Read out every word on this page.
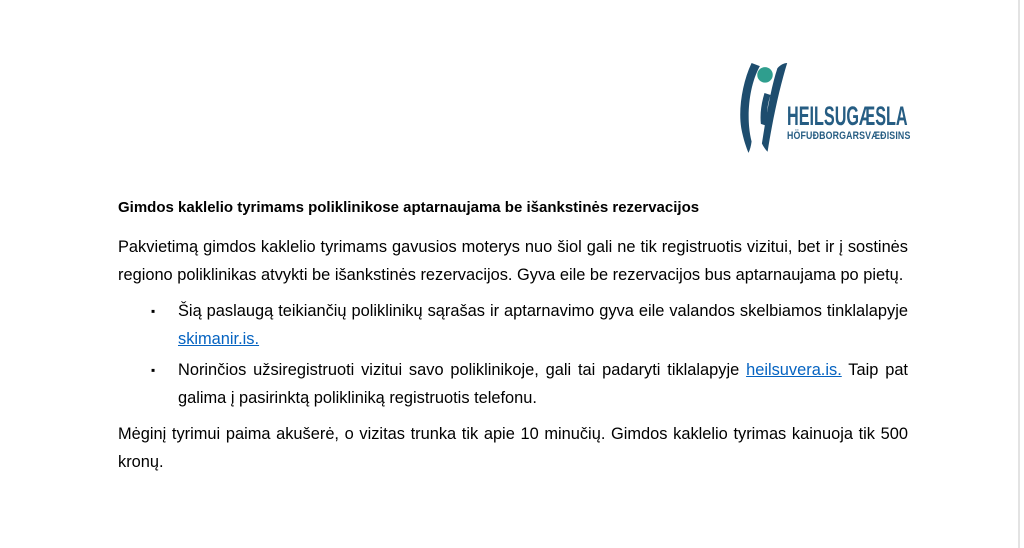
HEILSUGÆSLA
HÖFUÐBORGARSVÆÐISINS
Gimdos kaklelio tyrimams poliklinikose aptarnaujama be išankstinės rezervacijos

Pakvietimą gimdos kaklelio tyrimams gavusios moterys nuo šiol gali ne tik registruotis vizitui, bet ir į sostinės regiono poliklinikas atvykti be išankstinės rezervacijos. Gyva eile be rezervacijos bus aptarnaujama po pietų.

▪ Šią paslaugą teikiančių poliklinikų sąrašas ir aptarnavimo gyva eile valandos skelbiamos tinklalapyje skimanir.is.
▪ Norinčios užsiregistruoti vizitui savo poliklinikoje, gali tai padaryti tiklalapyje heilsuvera.is. Taip pat galima į pasirinktą polikliniką registruotis telefonu.

Mėginį tyrimui paima akušerė, o vizitas trunka tik apie 10 minučių. Gimdos kaklelio tyrimas kainuoja tik 500 kronų.
